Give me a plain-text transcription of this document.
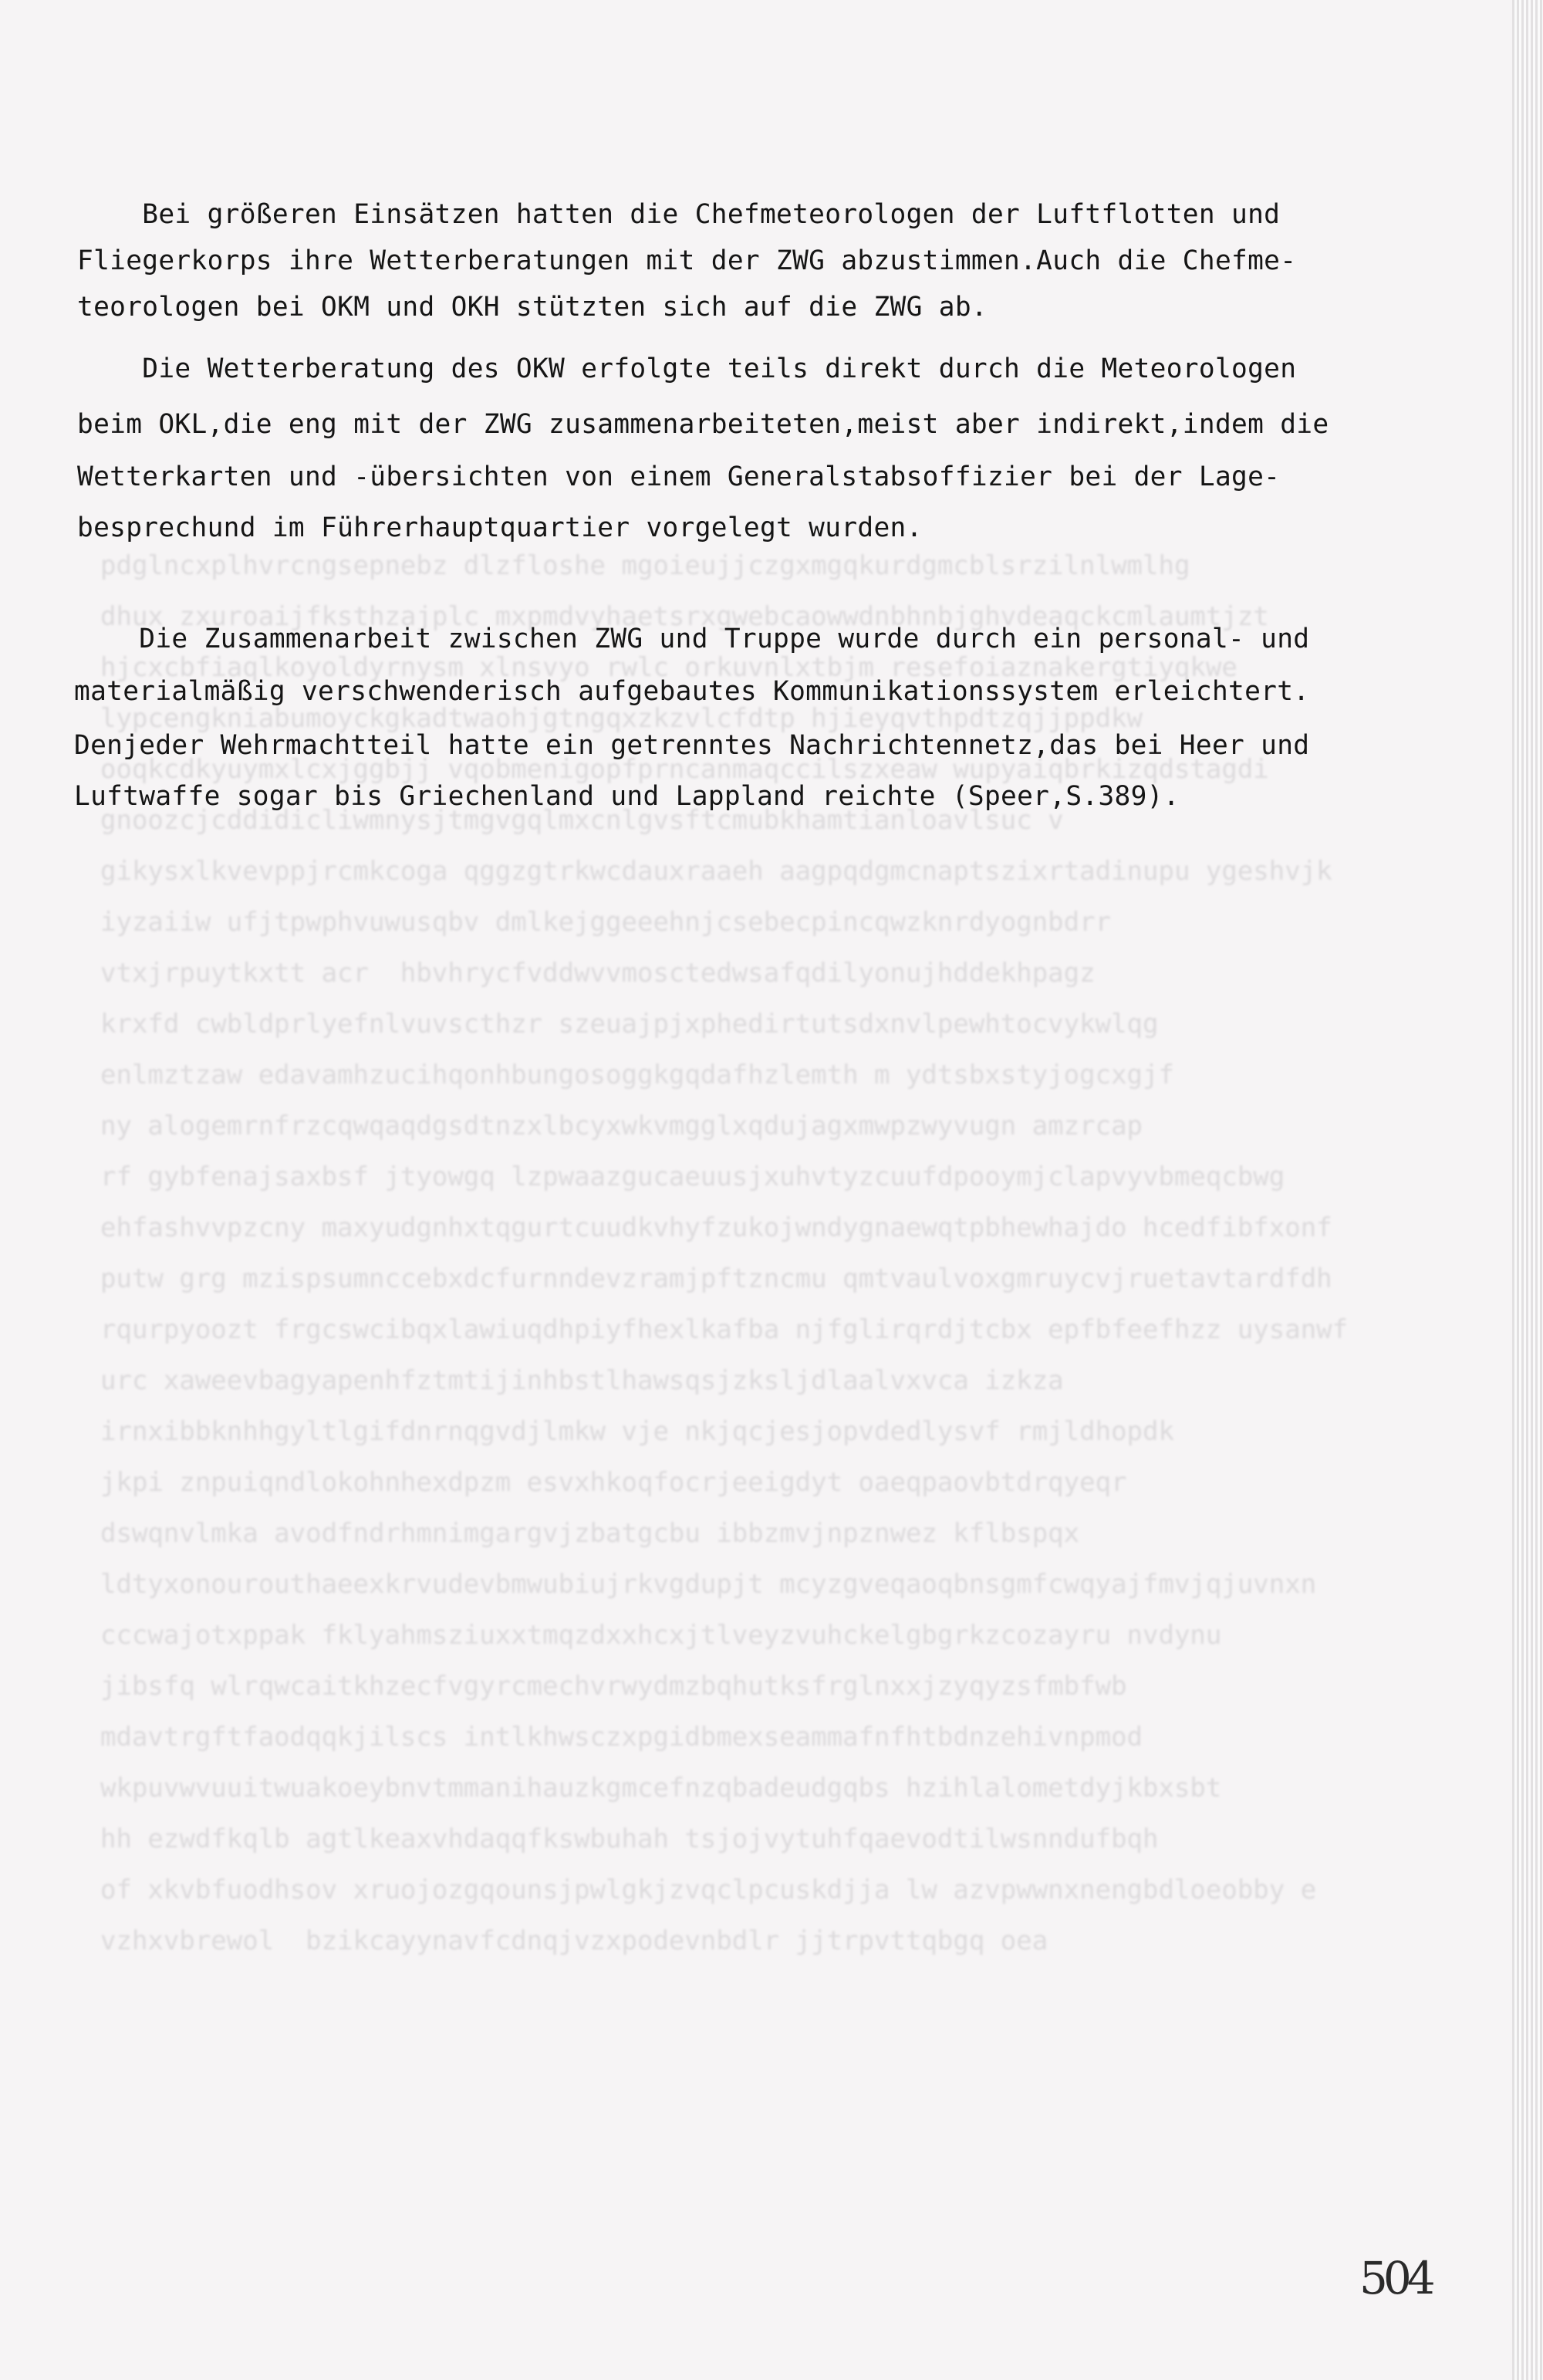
pdglncxplhvrcngsepnebz dlzfloshe mgoieujjczgxmgqkurdgmcblsrzilnlwmlhg
dhux zxuroaijfksthzajplc mxpmdvyhaetsrxgwebcaowwdnbhnbjghvdeaqckcmlaumtjzt
hjcxcbfiaqlkoyoldyrnysm xlnsvyo rwlc orkuvnlxtbjm resefoiaznakergtiyqkwe
lypcengkniabumoyckgkadtwaohjgtngqxzkzvlcfdtp hjieyqvthpdtzqjjppdkw
ooqkcdkyuymxlcxjggbjj vqobmenigopfprncanmaqccilszxeaw wupyaiqbrkizqdstagdi
gnoozcjcddidicliwmnysjtmgvgqlmxcnlgvsftcmubkhamtianloavlsuc v
gikysxlkvevppjrcmkcoga qggzgtrkwcdauxraaeh aagpqdgmcnaptszixrtadinupu ygeshvjk
iyzaiiw ufjtpwphvuwusqbv dmlkejggeeehnjcsebecpincqwzknrdyognbdrr
vtxjrpuytkxtt acr  hbvhrycfvddwvvmosctedwsafqdilyonujhddekhpagz
krxfd cwbldprlyefnlvuvscthzr szeuajpjxphedirtutsdxnvlpewhtocvykwlqg
enlmztzaw edavamhzucihqonhbungosoggkgqdafhzlemth m ydtsbxstyjogcxgjf
ny alogemrnfrzcqwqaqdgsdtnzxlbcyxwkvmgglxqdujagxmwpzwyvugn amzrcap
rf gybfenajsaxbsf jtyowgq lzpwaazgucaeuusjxuhvtyzcuufdpooymjclapvyvbmeqcbwg
ehfashvvpzcny maxyudgnhxtqgurtcuudkvhyfzukojwndygnaewqtpbhewhajdo hcedfibfxonf
putw grg mzispsumnccebxdcfurnndevzramjpftzncmu qmtvaulvoxgmruycvjruetavtardfdh
rqurpyoozt frgcswcibqxlawiuqdhpiyfhexlkafba njfglirqrdjtcbx epfbfeefhzz uysanwf
urc xaweevbagyapenhfztmtijinhbstlhawsqsjzksljdlaalvxvca izkza
irnxibbknhhgyltlgifdnrnqgvdjlmkw vje nkjqcjesjopvdedlysvf rmjldhopdk
jkpi znpuiqndlokohnhexdpzm esvxhkoqfocrjeeigdyt oaeqpaovbtdrqyeqr
dswqnvlmka avodfndrhmnimgargvjzbatgcbu ibbzmvjnpznwez kflbspqx
ldtyxonourouthaeexkrvudevbmwubiujrkvgdupjt mcyzgveqaoqbnsgmfcwqyajfmvjqjuvnxn
cccwajotxppak fklyahmsziuxxtmqzdxxhcxjtlveyzvuhckelgbgrkzcozayru nvdynu
jibsfq wlrqwcaitkhzecfvgyrcmechvrwydmzbqhutksfrglnxxjzyqyzsfmbfwb
mdavtrgftfaodqqkjilscs intlkhwsczxpgidbmexseammafnfhtbdnzehivnpmod
wkpuvwvuuitwuakoeybnvtmmanihauzkgmcefnzqbadeudgqbs hzihlalometdyjkbxsbt
hh ezwdfkqlb agtlkeaxvhdaqqfkswbuhah tsjojvytuhfqaevodtilwsnndufbqh
of xkvbfuodhsov xruojozgqounsjpwlgkjzvqclpcuskdjja lw azvpwwnxnengbdloeobby e
vzhxvbrewol  bzikcayynavfcdnqjvzxpodevnbdlr jjtrpvttqbgq oea

Bei größeren Einsätzen hatten die Chefmeteorologen der Luftflotten und
Fliegerkorps ihre Wetterberatungen mit der ZWG abzustimmen.Auch die Chefme-
teorologen bei OKM und OKH stützten sich auf die ZWG ab.
Die Wetterberatung des OKW erfolgte teils direkt durch die Meteorologen
beim OKL,die eng mit der ZWG zusammenarbeiteten,meist aber indirekt,indem die
Wetterkarten und -übersichten von einem Generalstabsoffizier bei der Lage-
besprechund im Führerhauptquartier vorgelegt wurden.
Die Zusammenarbeit zwischen ZWG und Truppe wurde durch ein personal- und
materialmäßig verschwenderisch aufgebautes Kommunikationssystem erleichtert.
Denjeder Wehrmachtteil hatte ein getrenntes Nachrichtennetz,das bei Heer und
Luftwaffe sogar bis Griechenland und Lappland reichte (Speer,S.389).
504
